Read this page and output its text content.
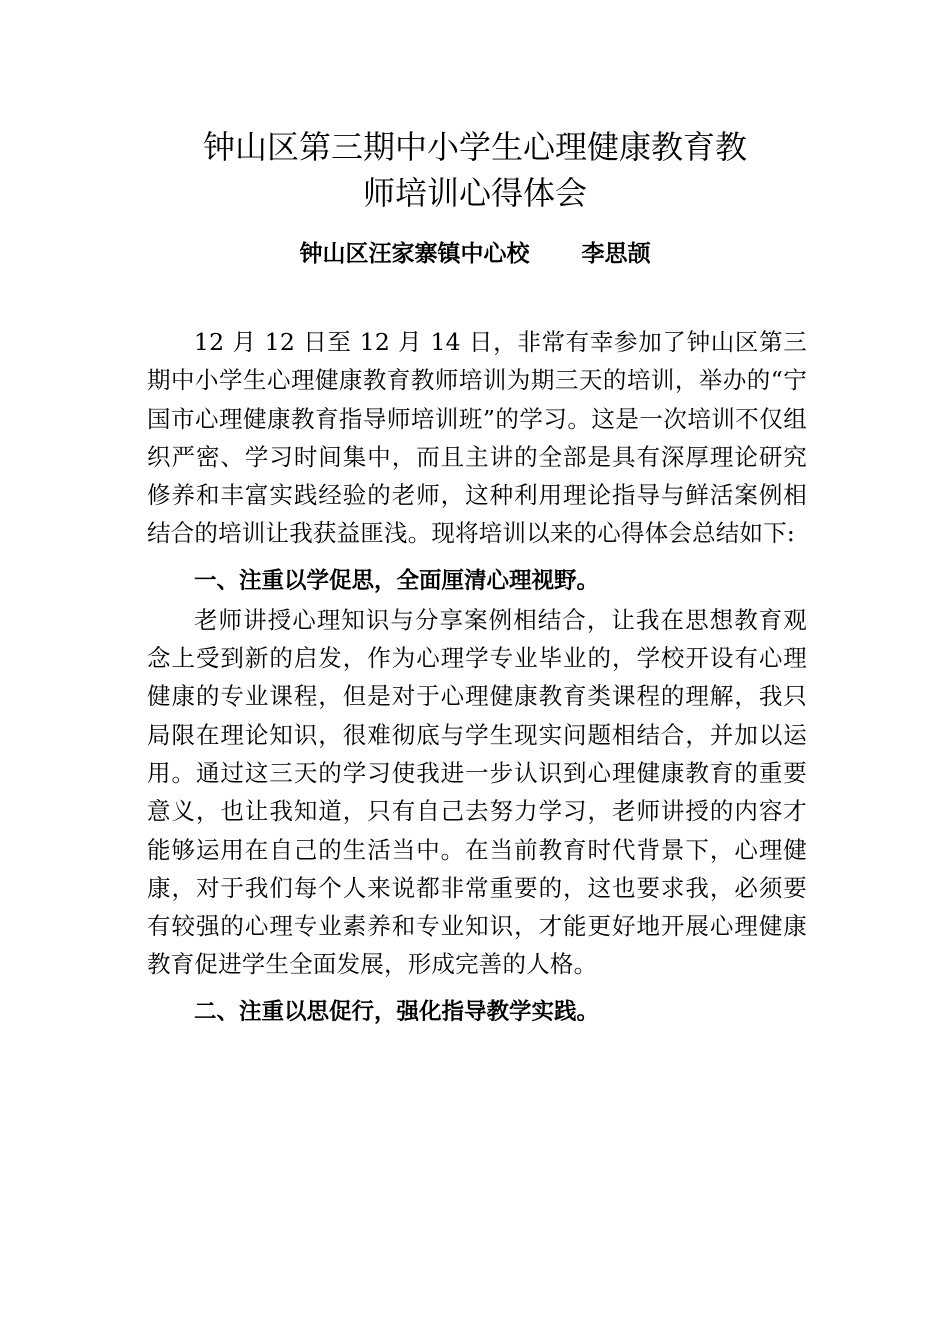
钟山区第三期中小学生心理健康教育教
师培训心得体会
钟山区汪家寨镇中心校 李思颉

12 月 12 日至 12 月 14 日，非常有幸参加了钟山区第三期中小学生心理健康教育教师培训为期三天的培训，举办的“宁国市心理健康教育指导师培训班”的学习。这是一次培训不仅组织严密、学习时间集中，而且主讲的全部是具有深厚理论研究修养和丰富实践经验的老师，这种利用理论指导与鲜活案例相结合的培训让我获益匪浅。现将培训以来的心得体会总结如下:

一、注重以学促思，全面厘清心理视野。

老师讲授心理知识与分享案例相结合，让我在思想教育观念上受到新的启发，作为心理学专业毕业的，学校开设有心理健康的专业课程，但是对于心理健康教育类课程的理解，我只局限在理论知识，很难彻底与学生现实问题相结合，并加以运用。通过这三天的学习使我进一步认识到心理健康教育的重要意义，也让我知道，只有自己去努力学习，老师讲授的内容才能够运用在自己的生活当中。在当前教育时代背景下，心理健康，对于我们每个人来说都非常重要的，这也要求我，必须要有较强的心理专业素养和专业知识，才能更好地开展心理健康教育促进学生全面发展，形成完善的人格。

二、注重以思促行，强化指导教学实践。
